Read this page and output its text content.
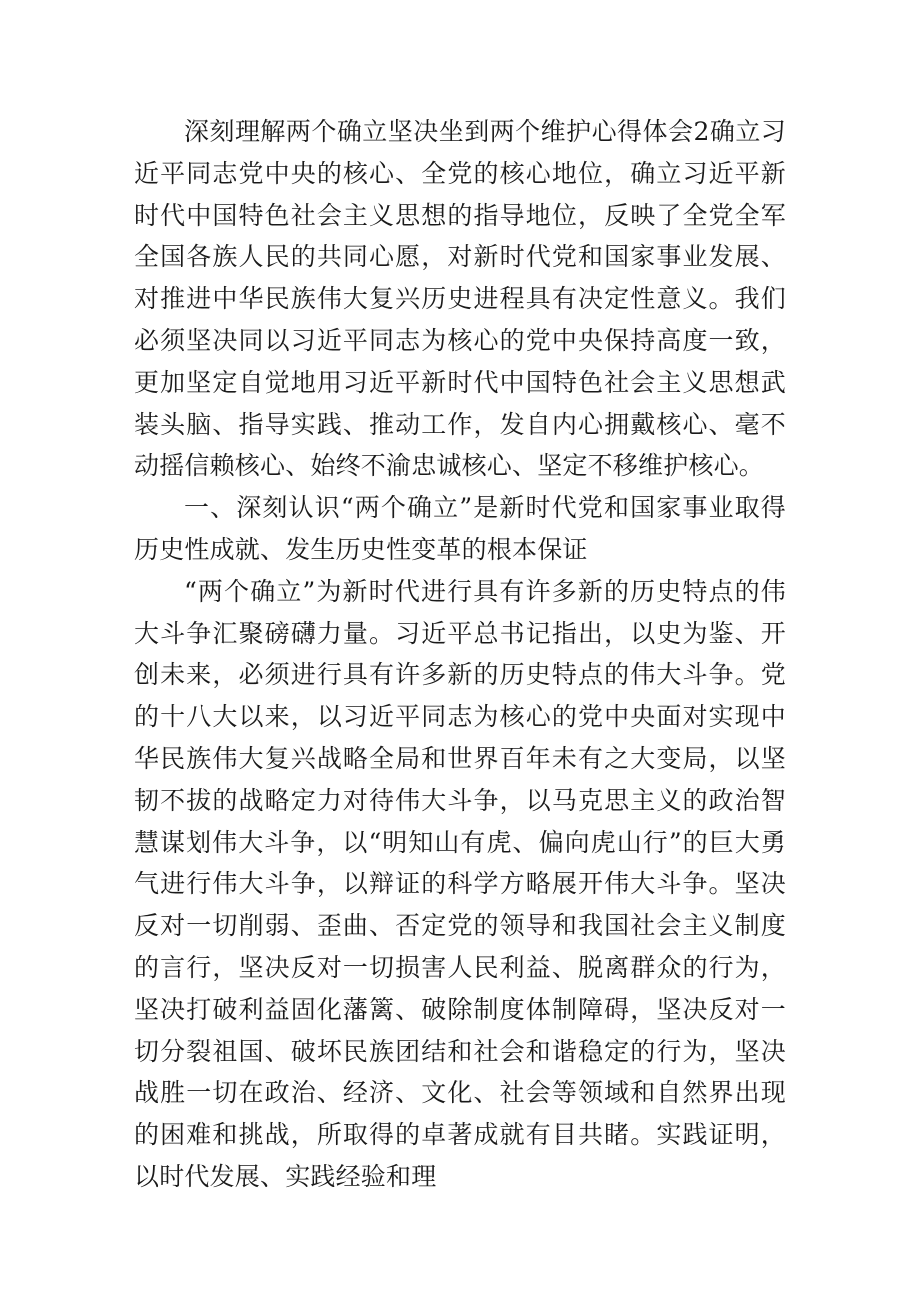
深刻理解两个确立坚决坐到两个维护心得体会2确立习近平同志党中央的核心、全党的核心地位，确立习近平新时代中国特色社会主义思想的指导地位，反映了全党全军全国各族人民的共同心愿，对新时代党和国家事业发展、对推进中华民族伟大复兴历史进程具有决定性意义。我们必须坚决同以习近平同志为核心的党中央保持高度一致，更加坚定自觉地用习近平新时代中国特色社会主义思想武装头脑、指导实践、推动工作，发自内心拥戴核心、毫不动摇信赖核心、始终不渝忠诚核心、坚定不移维护核心。

一、深刻认识“两个确立”是新时代党和国家事业取得历史性成就、发生历史性变革的根本保证

“两个确立”为新时代进行具有许多新的历史特点的伟大斗争汇聚磅礴力量。习近平总书记指出，以史为鉴、开创未来，必须进行具有许多新的历史特点的伟大斗争。党的十八大以来，以习近平同志为核心的党中央面对实现中华民族伟大复兴战略全局和世界百年未有之大变局，以坚韧不拔的战略定力对待伟大斗争，以马克思主义的政治智慧谋划伟大斗争，以“明知山有虎、偏向虎山行”的巨大勇气进行伟大斗争，以辩证的科学方略展开伟大斗争。坚决反对一切削弱、歪曲、否定党的领导和我国社会主义制度的言行，坚决反对一切损害人民利益、脱离群众的行为，坚决打破利益固化藩篱、破除制度体制障碍，坚决反对一切分裂祖国、破坏民族团结和社会和谐稳定的行为，坚决战胜一切在政治、经济、文化、社会等领域和自然界出现的困难和挑战，所取得的卓著成就有目共睹。实践证明，以时代发展、实践经验和理
